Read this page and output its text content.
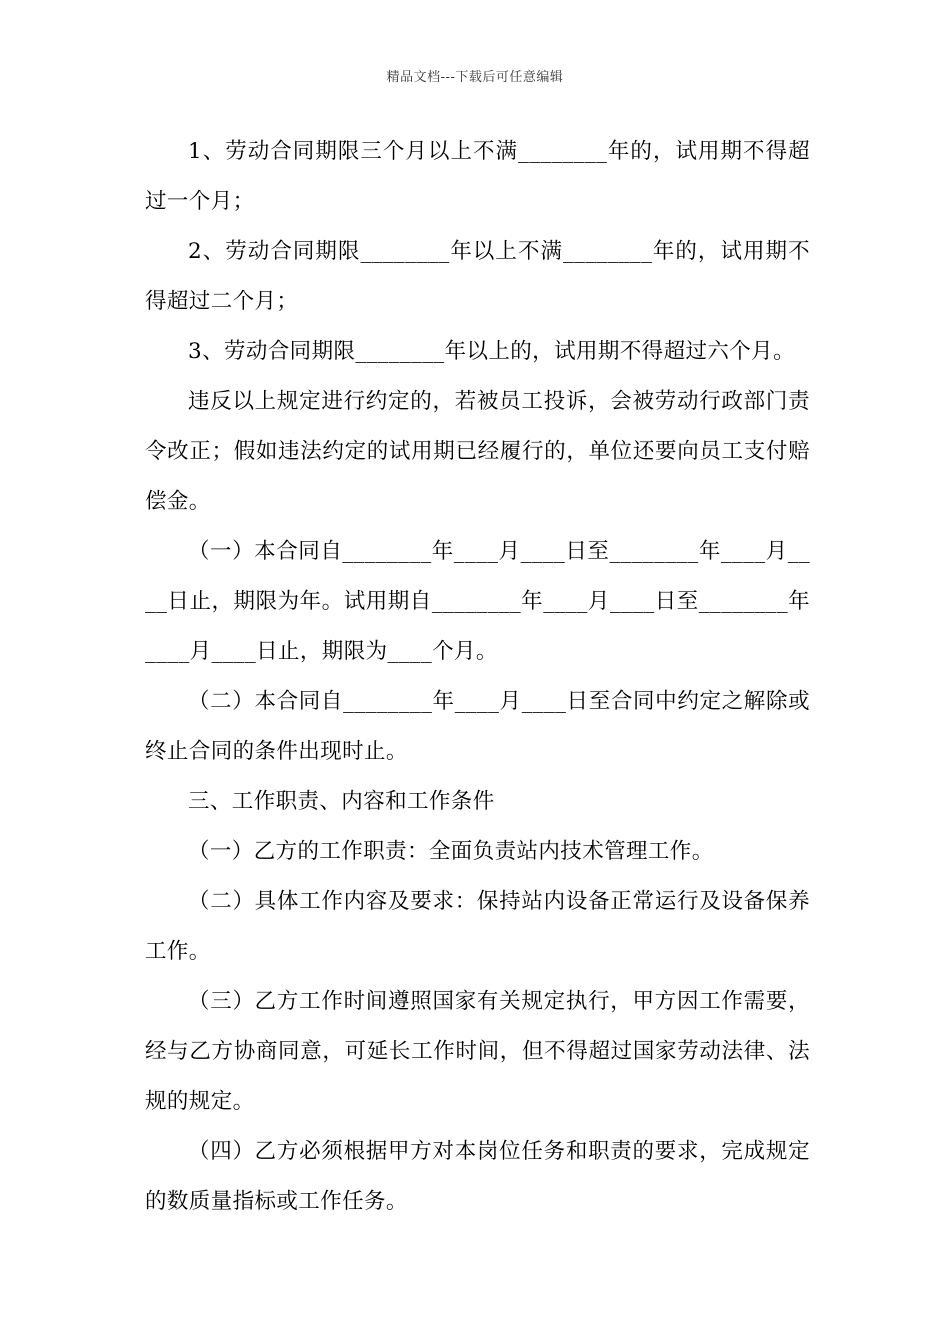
精品文档---下载后可任意编辑

1、劳动合同期限三个月以上不满________年的，试用期不得超过一个月；

2、劳动合同期限________年以上不满________年的，试用期不得超过二个月；

3、劳动合同期限________年以上的，试用期不得超过六个月。

违反以上规定进行约定的，若被员工投诉，会被劳动行政部门责令改正；假如违法约定的试用期已经履行的，单位还要向员工支付赔偿金。

（一）本合同自________年____月____日至________年____月____日止，期限为年。试用期自________年____月____日至________年____月____日止，期限为____个月。

（二）本合同自________年____月____日至合同中约定之解除或终止合同的条件出现时止。

三、工作职责、内容和工作条件

（一）乙方的工作职责：全面负责站内技术管理工作。

（二）具体工作内容及要求：保持站内设备正常运行及设备保养工作。

（三）乙方工作时间遵照国家有关规定执行，甲方因工作需要，经与乙方协商同意，可延长工作时间，但不得超过国家劳动法律、法规的规定。

（四）乙方必须根据甲方对本岗位任务和职责的要求，完成规定的数质量指标或工作任务。
